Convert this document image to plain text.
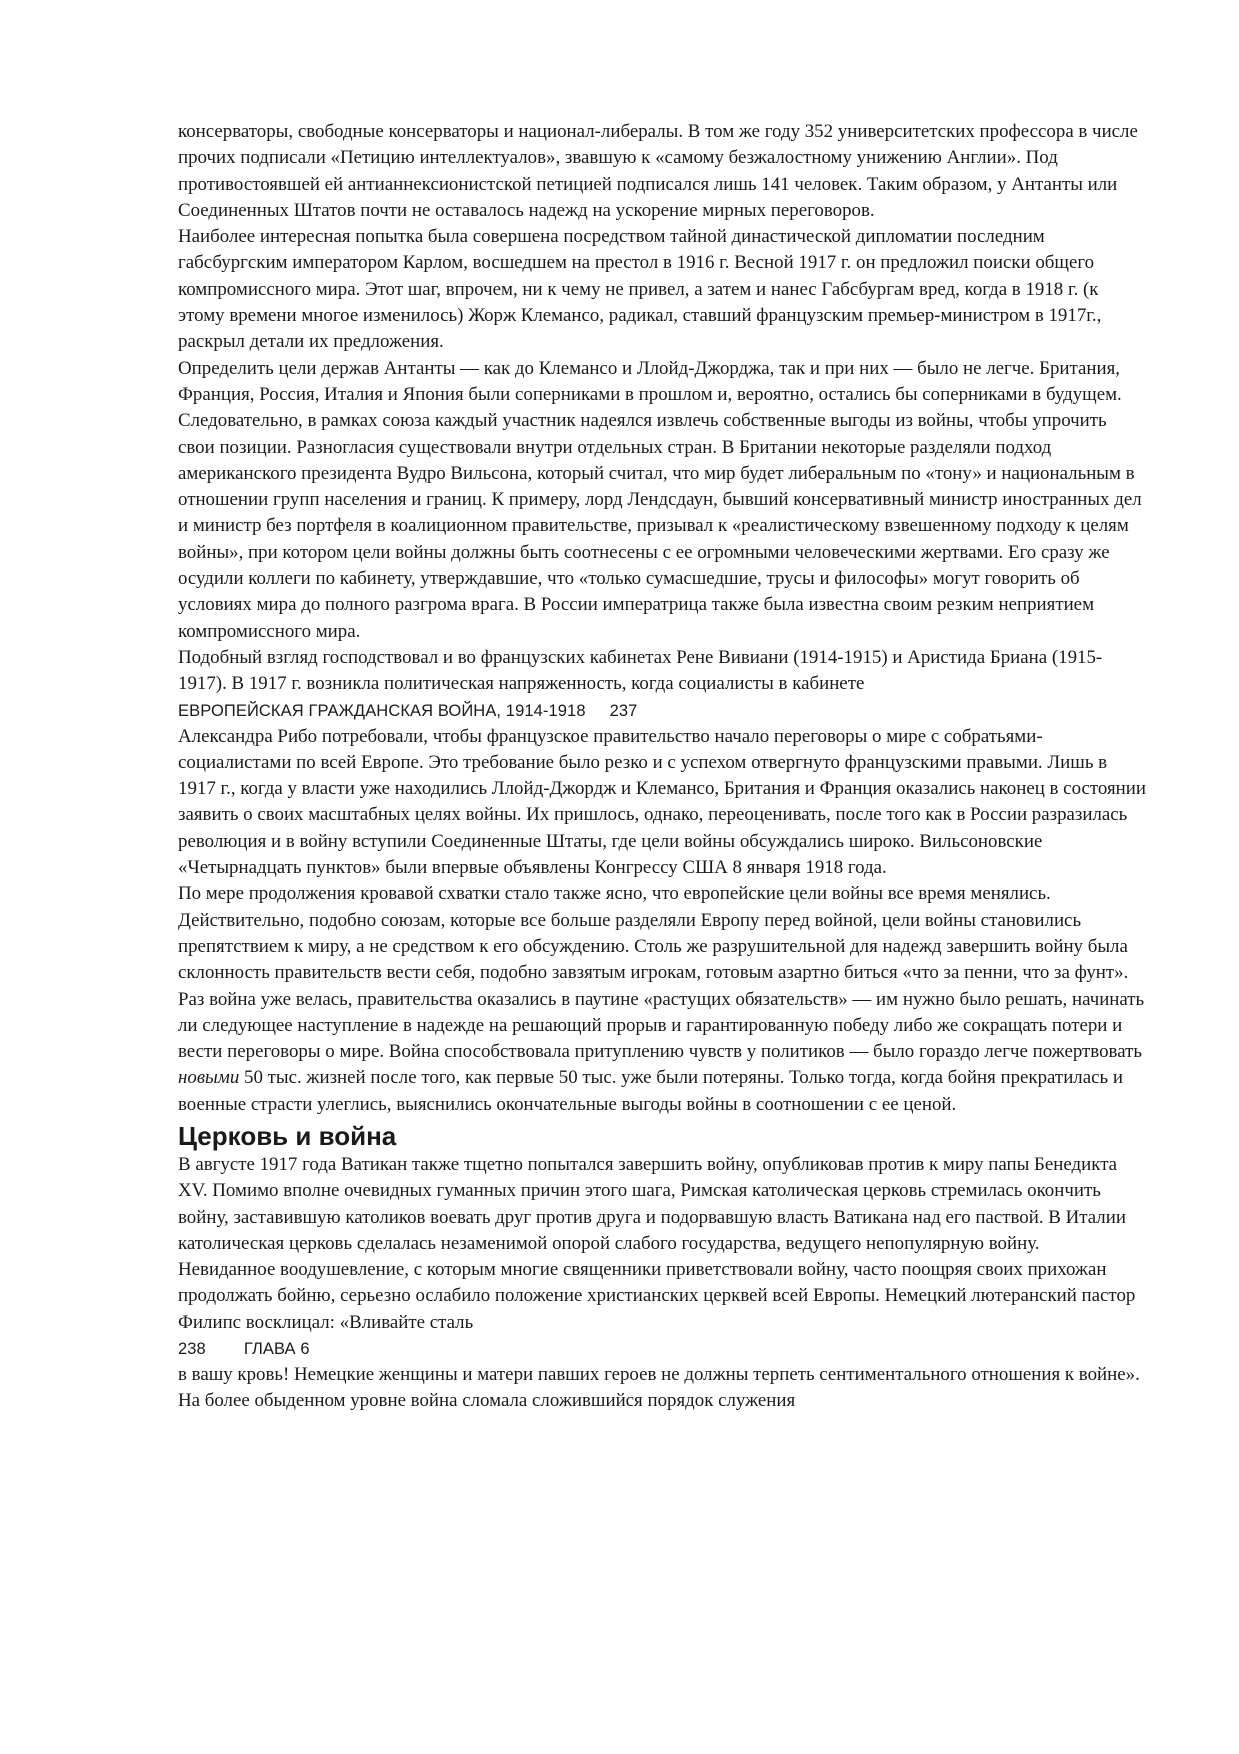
консерваторы, свободные консерваторы и национал-либералы. В том же году 352 университетских профессора в числе прочих подписали «Петицию интеллектуалов», звавшую к «самому безжалостному унижению Англии». Под противостоявшей ей антианнексионистской петицией подписался лишь 141 человек. Таким образом, у Антанты или Соединенных Штатов почти не оставалось надежд на ускорение мирных переговоров.

Наиболее интересная попытка была совершена посредством тайной династической дипломатии последним габсбургским императором Карлом, восшедшем на престол в 1916 г. Весной 1917 г. он предложил поиски общего компромиссного мира. Этот шаг, впрочем, ни к чему не привел, а затем и нанес Габсбургам вред, когда в 1918 г. (к этому времени многое изменилось) Жорж Клемансо, радикал, ставший французским премьер-министром в 1917г., раскрыл детали их предложения.

Определить цели держав Антанты — как до Клемансо и Ллойд-Джорджа, так и при них — было не легче. Британия, Франция, Россия, Италия и Япония были соперниками в прошлом и, вероятно, остались бы соперниками в будущем. Следовательно, в рамках союза каждый участник надеялся извлечь собственные выгоды из войны, чтобы упрочить свои позиции. Разногласия существовали внутри отдельных стран. В Британии некоторые разделяли подход американского президента Вудро Вильсона, который считал, что мир будет либеральным по «тону» и национальным в отношении групп населения и границ. К примеру, лорд Лендсдаун, бывший консервативный министр иностранных дел и министр без портфеля в коалиционном правительстве, призывал к «реалистическому взвешенному подходу к целям войны», при котором цели войны должны быть соотнесены с ее огромными человеческими жертвами. Его сразу же осудили коллеги по кабинету, утверждавшие, что «только сумасшедшие, трусы и философы» могут говорить об условиях мира до полного разгрома врага. В России императрица также была известна своим резким неприятием компромиссного мира.

Подобный взгляд господствовал и во французских кабинетах Рене Вивиани (1914-1915) и Аристида Бриана (1915-1917). В 1917 г. возникла политическая напряженность, когда социалисты в кабинете

ЕВРОПЕЙСКАЯ ГРАЖДАНСКАЯ ВОЙНА, 1914-1918 237

Александра Рибо потребовали, чтобы французское правительство начало переговоры о мире с собратьями-социалистами по всей Европе. Это требование было резко и с успехом отвергнуто французскими правыми. Лишь в 1917 г., когда у власти уже находились Ллойд-Джордж и Клемансо, Британия и Франция оказались наконец в состоянии заявить о своих масштабных целях войны. Их пришлось, однако, переоценивать, после того как в России разразилась революция и в войну вступили Соединенные Штаты, где цели войны обсуждались широко. Вильсоновские «Четырнадцать пунктов» были впервые объявлены Конгрессу США 8 января 1918 года.

По мере продолжения кровавой схватки стало также ясно, что европейские цели войны все время менялись. Действительно, подобно союзам, которые все больше разделяли Европу перед войной, цели войны становились препятствием к миру, а не средством к его обсуждению. Столь же разрушительной для надежд завершить войну была склонность правительств вести себя, подобно завзятым игрокам, готовым азартно биться «что за пенни, что за фунт». Раз война уже велась, правительства оказались в паутине «растущих обязательств» — им нужно было решать, начинать ли следующее наступление в надежде на решающий прорыв и гарантированную победу либо же сокращать потери и вести переговоры о мире. Война способствовала притуплению чувств у политиков — было гораздо легче пожертвовать новыми 50 тыс. жизней после того, как первые 50 тыс. уже были потеряны. Только тогда, когда бойня прекратилась и военные страсти улеглись, выяснились окончательные выгоды войны в соотношении с ее ценой.

Церковь и война

В августе 1917 года Ватикан также тщетно попытался завершить войну, опубликовав против к миру папы Бенедикта XV. Помимо вполне очевидных гуманных причин этого шага, Римская католическая церковь стремилась окончить войну, заставившую католиков воевать друг против друга и подорвавшую власть Ватикана над его паствой. В Италии католическая церковь сделалась незаменимой опорой слабого государства, ведущего непопулярную войну.

Невиданное воодушевление, с которым многие священники приветствовали войну, часто поощряя своих прихожан продолжать бойню, серьезно ослабило положение христианских церквей всей Европы. Немецкий лютеранский пастор Филипс восклицал: «Вливайте сталь

238 ГЛАВА 6

в вашу кровь! Немецкие женщины и матери павших героев не должны терпеть сентиментального отношения к войне». На более обыденном уровне война сломала сложившийся порядок служения
